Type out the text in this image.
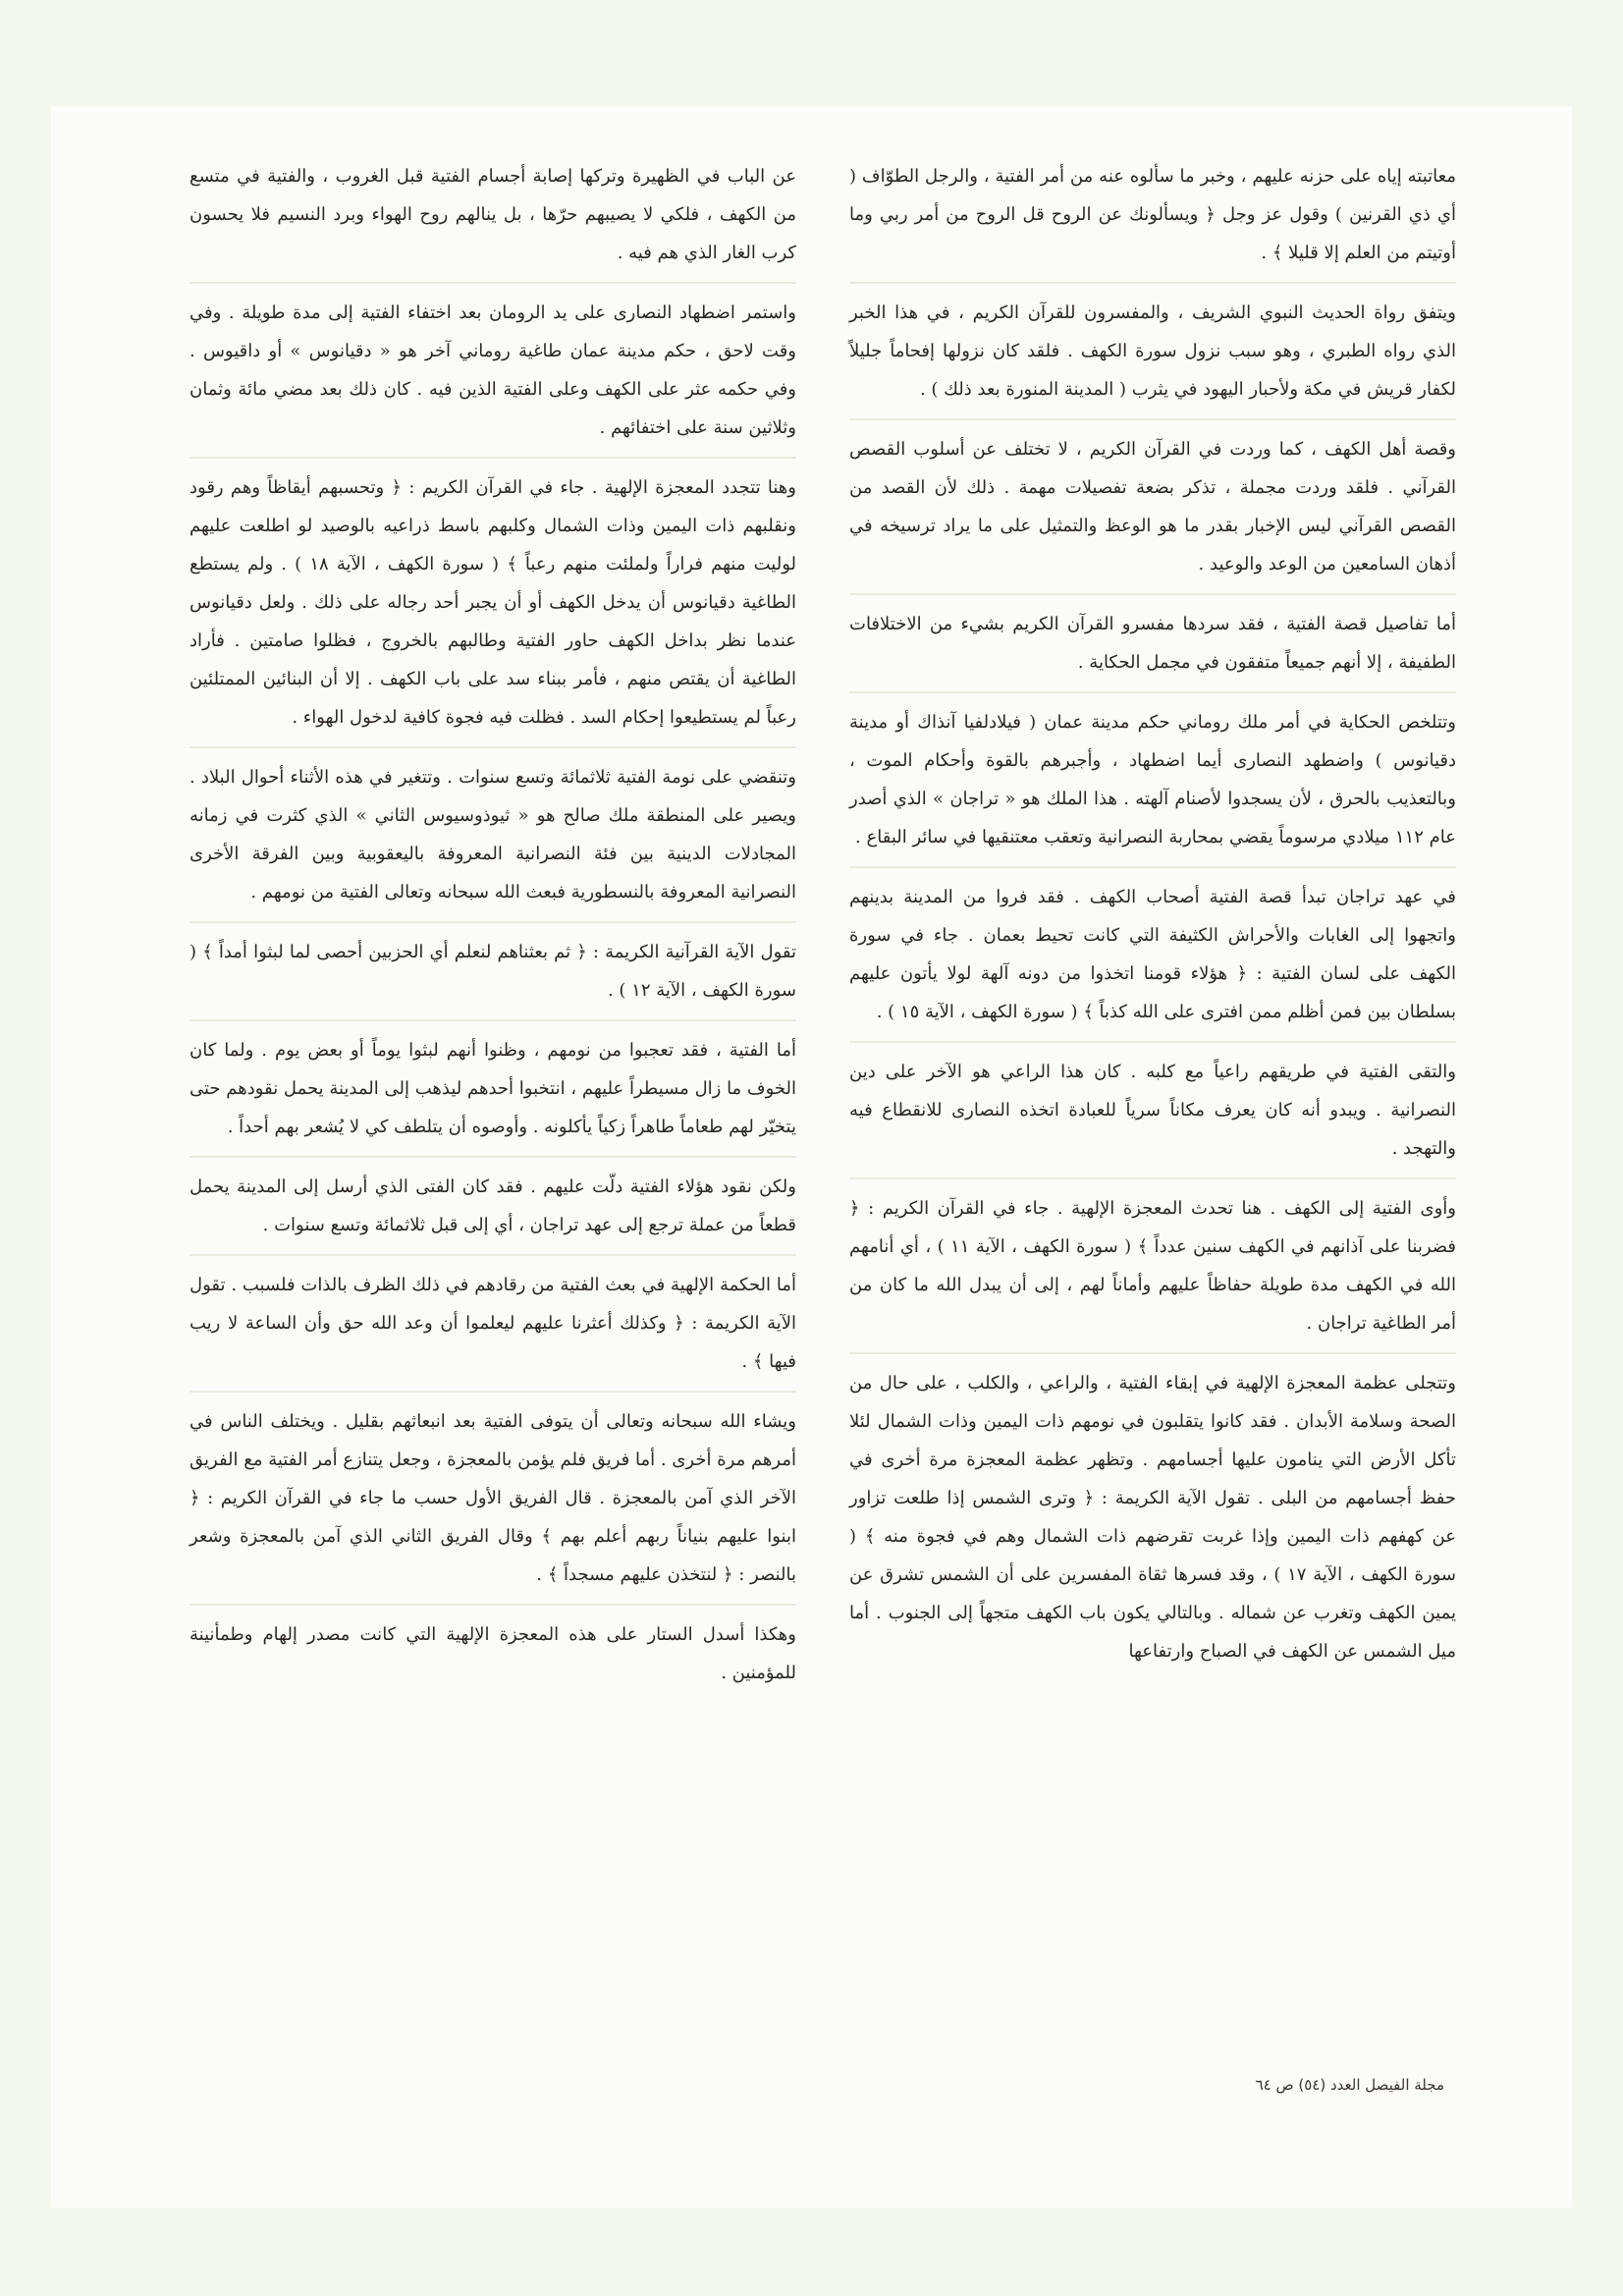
معاتبته إياه على حزنه عليهم ، وخبر ما سألوه عنه من أمر الفتية ، والرجل الطوّاف ( أي ذي القرنين ) وقول عز وجل ﴿ ويسألونك عن الروح قل الروح من أمر ربي وما أوتيتم من العلم إلا قليلا ﴾ .

ويتفق رواة الحديث النبوي الشريف ، والمفسرون للقرآن الكريم ، في هذا الخبر الذي رواه الطبري ، وهو سبب نزول سورة الكهف . فلقد كان نزولها إفحاماً جليلاً لكفار قريش في مكة ولأحبار اليهود في يثرب ( المدينة المنورة بعد ذلك ) .

وقصة أهل الكهف ، كما وردت في القرآن الكريم ، لا تختلف عن أسلوب القصص القرآني . فلقد وردت مجملة ، تذكر بضعة تفصيلات مهمة . ذلك لأن القصد من القصص القرآني ليس الإخبار بقدر ما هو الوعظ والتمثيل على ما يراد ترسيخه في أذهان السامعين من الوعد والوعيد .

أما تفاصيل قصة الفتية ، فقد سردها مفسرو القرآن الكريم بشيء من الاختلافات الطفيفة ، إلا أنهم جميعاً متفقون في مجمل الحكاية .

وتتلخص الحكاية في أمر ملك روماني حكم مدينة عمان ( فيلادلفيا آنذاك أو مدينة دقيانوس ) واضطهد النصارى أيما اضطهاد ، وأجبرهم بالقوة وأحكام الموت ، وبالتعذيب بالحرق ، لأن يسجدوا لأصنام آلهته . هذا الملك هو « تراجان » الذي أصدر عام ١١٢ ميلادي مرسوماً يقضي بمحاربة النصرانية وتعقب معتنقيها في سائر البقاع .

في عهد تراجان تبدأ قصة الفتية أصحاب الكهف . فقد فروا من المدينة بدينهم واتجهوا إلى الغابات والأحراش الكثيفة التي كانت تحيط بعمان . جاء في سورة الكهف على لسان الفتية : ﴿ هؤلاء قومنا اتخذوا من دونه آلهة لولا يأتون عليهم بسلطان بين فمن أظلم ممن افترى على الله كذباً ﴾ ( سورة الكهف ، الآية ١٥ ) .

والتقى الفتية في طريقهم راعياً مع كلبه . كان هذا الراعي هو الآخر على دين النصرانية . ويبدو أنه كان يعرف مكاناً سرياً للعبادة اتخذه النصارى للانقطاع فيه والتهجد .

وأوى الفتية إلى الكهف . هنا تحدث المعجزة الإلهية . جاء في القرآن الكريم : ﴿ فضربنا على آذانهم في الكهف سنين عدداً ﴾ ( سورة الكهف ، الآية ١١ ) ، أي أنامهم الله في الكهف مدة طويلة حفاظاً عليهم وأماناً لهم ، إلى أن يبدل الله ما كان من أمر الطاغية تراجان .

وتتجلى عظمة المعجزة الإلهية في إبقاء الفتية ، والراعي ، والكلب ، على حال من الصحة وسلامة الأبدان . فقد كانوا يتقلبون في نومهم ذات اليمين وذات الشمال لئلا تأكل الأرض التي ينامون عليها أجسامهم . وتظهر عظمة المعجزة مرة أخرى في حفظ أجسامهم من البلى . تقول الآية الكريمة : ﴿ وترى الشمس إذا طلعت تزاور عن كهفهم ذات اليمين وإذا غربت تقرضهم ذات الشمال وهم في فجوة منه ﴾ ( سورة الكهف ، الآية ١٧ ) ، وقد فسرها ثقاة المفسرين على أن الشمس تشرق عن يمين الكهف وتغرب عن شماله . وبالتالي يكون باب الكهف متجهاً إلى الجنوب . أما ميل الشمس عن الكهف في الصباح وارتفاعها

عن الباب في الظهيرة وتركها إصابة أجسام الفتية قبل الغروب ، والفتية في متسع من الكهف ، فلكي لا يصيبهم حرّها ، بل ينالهم روح الهواء وبرد النسيم فلا يحسون كرب الغار الذي هم فيه .

واستمر اضطهاد النصارى على يد الرومان بعد اختفاء الفتية إلى مدة طويلة . وفي وقت لاحق ، حكم مدينة عمان طاغية روماني آخر هو « دقيانوس » أو داقيوس . وفي حكمه عثر على الكهف وعلى الفتية الذين فيه . كان ذلك بعد مضي مائة وثمان وثلاثين سنة على اختفائهم .

وهنا تتجدد المعجزة الإلهية . جاء في القرآن الكريم : ﴿ وتحسبهم أيقاظاً وهم رقود ونقلبهم ذات اليمين وذات الشمال وكلبهم باسط ذراعيه بالوصيد لو اطلعت عليهم لوليت منهم فراراً ولملئت منهم رعباً ﴾ ( سورة الكهف ، الآية ١٨ ) . ولم يستطع الطاغية دقيانوس أن يدخل الكهف أو أن يجبر أحد رجاله على ذلك . ولعل دقيانوس عندما نظر بداخل الكهف حاور الفتية وطالبهم بالخروج ، فظلوا صامتين . فأراد الطاغية أن يقتص منهم ، فأمر ببناء سد على باب الكهف . إلا أن البنائين الممتلئين رعباً لم يستطيعوا إحكام السد . فظلت فيه فجوة كافية لدخول الهواء .

وتنقضي على نومة الفتية ثلاثمائة وتسع سنوات . وتتغير في هذه الأثناء أحوال البلاد . ويصير على المنطقة ملك صالح هو « ثيوذوسيوس الثاني » الذي كثرت في زمانه المجادلات الدينية بين فئة النصرانية المعروفة باليعقوبية وبين الفرقة الأخرى النصرانية المعروفة بالنسطورية فبعث الله سبحانه وتعالى الفتية من نومهم .

تقول الآية القرآنية الكريمة : ﴿ ثم بعثناهم لنعلم أي الحزبين أحصى لما لبثوا أمداً ﴾ ( سورة الكهف ، الآية ١٢ ) .

أما الفتية ، فقد تعجبوا من نومهم ، وظنوا أنهم لبثوا يوماً أو بعض يوم . ولما كان الخوف ما زال مسيطراً عليهم ، انتخبوا أحدهم ليذهب إلى المدينة يحمل نقودهم حتى يتخيّر لهم طعاماً طاهراً زكياً يأكلونه . وأوصوه أن يتلطف كي لا يُشعر بهم أحداً .

ولكن نقود هؤلاء الفتية دلّت عليهم . فقد كان الفتى الذي أرسل إلى المدينة يحمل قطعاً من عملة ترجع إلى عهد تراجان ، أي إلى قبل ثلاثمائة وتسع سنوات .

أما الحكمة الإلهية في بعث الفتية من رقادهم في ذلك الظرف بالذات فلسبب . تقول الآية الكريمة : ﴿ وكذلك أعثرنا عليهم ليعلموا أن وعد الله حق وأن الساعة لا ريب فيها ﴾ .

ويشاء الله سبحانه وتعالى أن يتوفى الفتية بعد انبعاثهم بقليل . ويختلف الناس في أمرهم مرة أخرى . أما فريق فلم يؤمن بالمعجزة ، وجعل يتنازع أمر الفتية مع الفريق الآخر الذي آمن بالمعجزة . قال الفريق الأول حسب ما جاء في القرآن الكريم : ﴿ ابنوا عليهم بنياناً ربهم أعلم بهم ﴾ وقال الفريق الثاني الذي آمن بالمعجزة وشعر بالنصر : ﴿ لنتخذن عليهم مسجداً ﴾ .

وهكذا أسدل الستار على هذه المعجزة الإلهية التي كانت مصدر إلهام وطمأنينة للمؤمنين .

مجلة الفيصل العدد (٥٤) ص ٦٤
